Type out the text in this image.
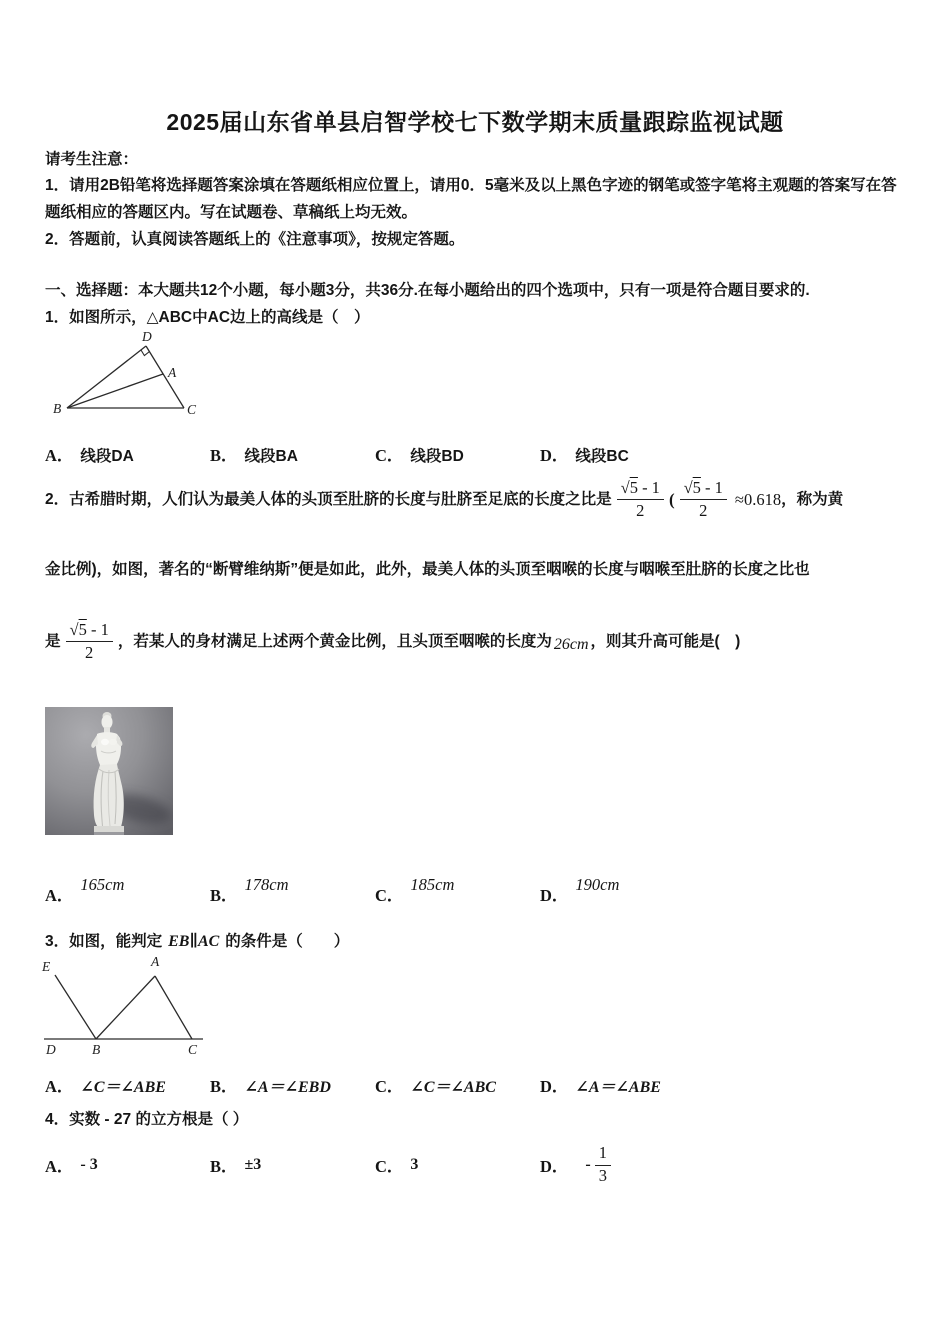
2025届山东省单县启智学校七下数学期末质量跟踪监视试题
请考生注意：
1．请用2B铅笔将选择题答案涂填在答题纸相应位置上，请用0．5毫米及以上黑色字迹的钢笔或签字笔将主观题的答案写在答题纸相应的答题区内。写在试题卷、草稿纸上均无效。
2．答题前，认真阅读答题纸上的《注意事项》，按规定答题。
一、选择题：本大题共12个小题，每小题3分，共36分.在每小题给出的四个选项中，只有一项是符合题目要求的.
1．如图所示，△ABC中AC边上的高线是（　）
D
A
B	C
A． 线段DA	B． 线段BA	C． 线段BD	D． 线段BC
2．古希腊时期，人们认为最美人体的头顶至肚脐的长度与肚脐至足底的长度之比是 $\frac{√5 - 1}{2}$ ( $\frac{√5 - 1}{2} \approx 0.618$ ，称为黄
金比例)，如图，著名的“断臂维纳斯”便是如此，此外，最美人体的头顶至咽喉的长度与咽喉至肚脐的长度之比也
是 $\frac{√5 - 1}{2}$ ，若某人的身材满足上述两个黄金比例，且头顶至咽喉的长度为 26cm ，则其升高可能是(　)
A．
165cm
B．
178cm
C．
185cm
D．
190cm
3．如图，能判定 EB∥AC 的条件是（　　）
E	A
D	B	C
A． ∠C＝∠ABE	B． ∠A＝∠EBD	C． ∠C＝∠ABC	D． ∠A＝∠ABE
4．实数 - 27 的立方根是（ ）
A． - 3	B． ±3	C． 3	D． - $\frac{1}{3}$
